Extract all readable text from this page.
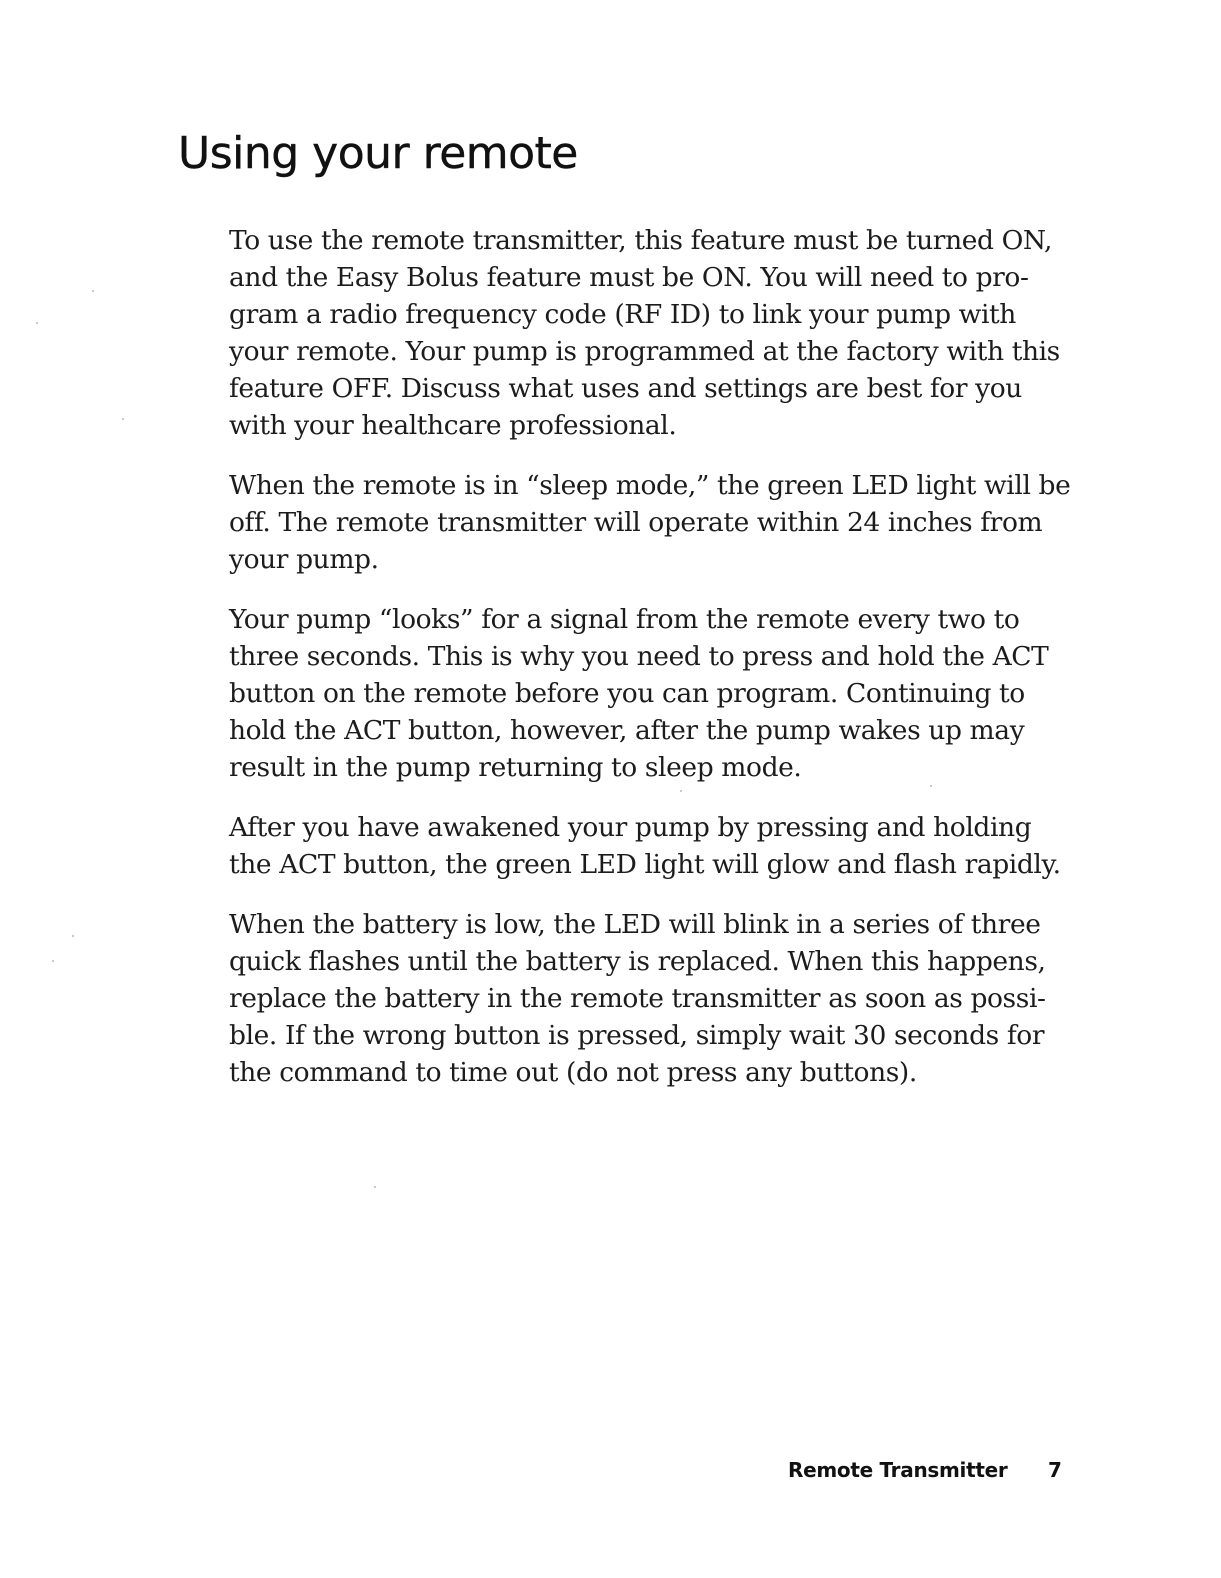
Using your remote

To use the remote transmitter, this feature must be turned ON,
and the Easy Bolus feature must be ON. You will need to pro-
gram a radio frequency code (RF ID) to link your pump with
your remote. Your pump is programmed at the factory with this
feature OFF. Discuss what uses and settings are best for you
with your healthcare professional.

When the remote is in “sleep mode,” the green LED light will be
off. The remote transmitter will operate within 24 inches from
your pump.

Your pump “looks” for a signal from the remote every two to
three seconds. This is why you need to press and hold the ACT
button on the remote before you can program. Continuing to
hold the ACT button, however, after the pump wakes up may
result in the pump returning to sleep mode.

After you have awakened your pump by pressing and holding
the ACT button, the green LED light will glow and flash rapidly.

When the battery is low, the LED will blink in a series of three
quick flashes until the battery is replaced. When this happens,
replace the battery in the remote transmitter as soon as possi-
ble. If the wrong button is pressed, simply wait 30 seconds for
the command to time out (do not press any buttons).

Remote Transmitter 7
